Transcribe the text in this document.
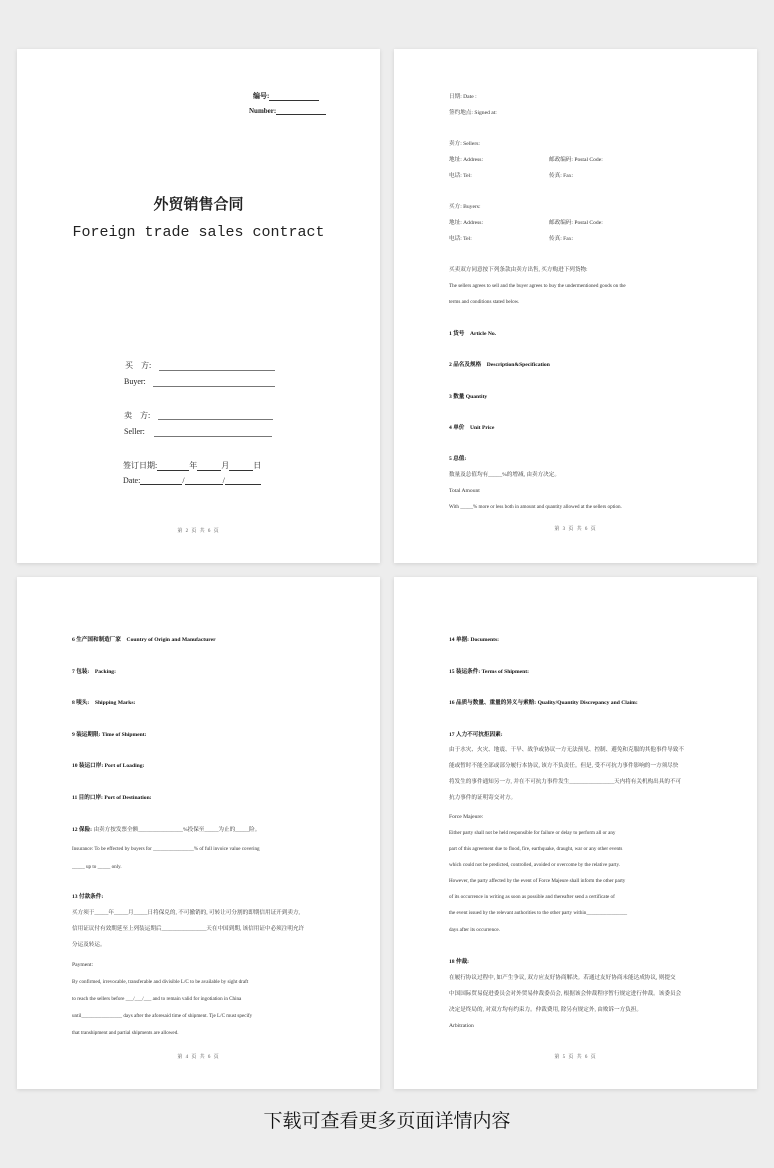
编号:
Number:
外贸销售合同
Foreign trade sales contract
买　方:
Buyer:
卖　方:
Seller:
签订日期:	年	月	日
Date:	/	/
第 2 页 共 6 页
日期: Date :
签约地点: Signed at:
卖方: Sellers:
地址: Address:	邮政编码: Postal Code:
电话: Tel:	传真: Fax:
买方: Buyers:
地址: Address:	邮政编码: Postal Code:
电话: Tel:	传真: Fax:
买卖双方同意按下列条款由卖方出售, 买方购进下列货物:
The sellers agrees to sell and the buyer agrees to buy the undermentioned goods on the
terms and conditions stated below.
1 货号　Article No.
2 品名及规格　Description&Specification
3 数量 Quantity
4 单价　Unit Price
5 总值:
数量及总值均有_____%的增减, 由卖方决定。
Total Amount
With _____% more or less both in amount and quantity allowed at the sellers option.
第 3 页 共 6 页
6 生产国和制造厂家　Country of Origin and Manufacturer
7 包装:　Packing:
8 唛头:　Shipping Marks:
9 装运期限: Time of Shipment:
10 装运口岸: Port of Loading:
11 目的口岸: Port of Destination:
12 保险: 由卖方按发票全额________________%投保至_____为止的_____险。
Insurance: To be effected by buyers for ________________% of full invoice value covering
_____ up to _____ only.
13 付款条件:
买方须于_____年_____月_____日将保兑的, 不可撤销的, 可转让可分割的即期信用证开到卖方,
信用证议付有效期延至上列装运期后________________天在中国到期, 该信用证中必须注明允许
分运及转运。
Payment:
By confirmed, irrevocable, transferable and divisible L/C to be available by sight draft
to reach the sellers before ___/___/___ and to remain valid for ingotiation in China
until________________ days after the aforesaid time of shipment. Tje L/C must specify
that transhipment and partial shipments are allowed.
第 4 页 共 6 页
14 单据: Documents:
15 装运条件: Terms of Shipment:
16 品质与数量、重量的异义与索赔: Quality/Quantity Discrepancy and Claim:
17 人力不可抗拒因素:
由于水灾、火灾、地震、干旱、战争或协议一方无法预见、控制、避免和克服的其他事件导致不
能或暂时不能全部或部分履行本协议, 该方不负责任。但是, 受不可抗力事件影响的一方须尽快
将发生的事件通知另一方, 并在不可抗力事件发生________________天内将有关机构出具的不可
抗力事件的证明寄交对方。
Force Majeure:
Either party shall not be held responsible for failure or delay to perform all or any
part of this agreement due to flood, fire, earthquake, draught, war or any other events
which could not be predicted, controlled, avoided or overcome by the relative party.
However, the party affected by the event of Force Majeure shall inform the other party
of its occurrence in writing as soon as possible and thereafter send a certificate of
the event issued by the relevant authorities to the other party within________________
days after its occurrence.
18 仲裁:
在履行协议过程中, 如产生争议, 双方应友好协商解决。若通过友好协商未能达成协议, 则提交
中国国际贸易促进委员会对外贸易仲裁委员会, 根据该会仲裁程序暂行规定进行仲裁。该委员会
决定是终局的, 对双方均有约束力。仲裁费用, 除另有规定外, 由败诉一方负担。
Arbitration
第 5 页 共 6 页
下载可查看更多页面详情内容
